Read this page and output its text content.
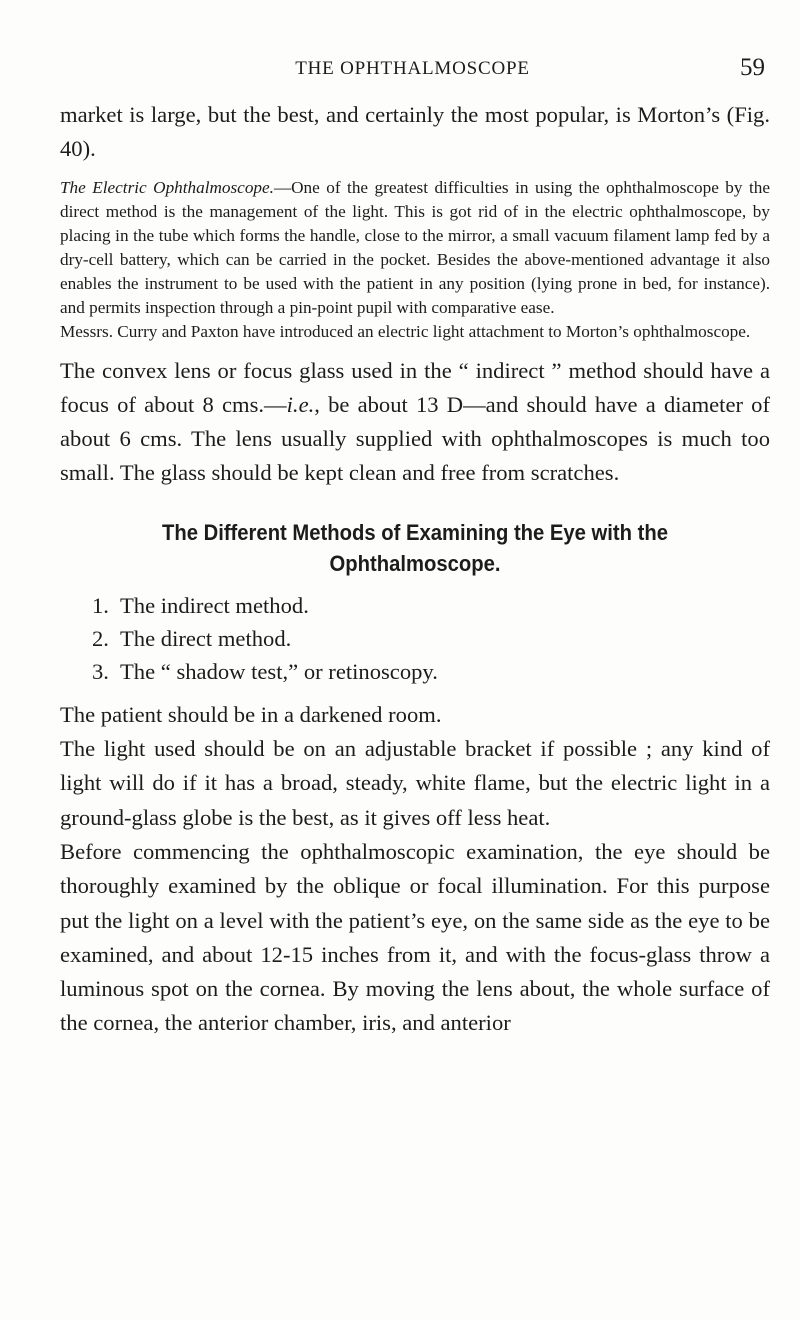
THE OPHTHALMOSCOPE	59

market is large, but the best, and certainly the most popular, is Morton’s (Fig. 40).

The Electric Ophthalmoscope.—One of the greatest difficulties in using the ophthalmoscope by the direct method is the management of the light. This is got rid of in the electric ophthalmoscope, by placing in the tube which forms the handle, close to the mirror, a small vacuum filament lamp fed by a dry-cell battery, which can be carried in the pocket. Besides the above-mentioned advantage it also enables the instrument to be used with the patient in any position (lying prone in bed, for instance). and permits inspection through a pin-point pupil with comparative ease.

Messrs. Curry and Paxton have introduced an electric light attachment to Morton’s ophthalmoscope.

The convex lens or focus glass used in the “ indirect ” method should have a focus of about 8 cms.—i.e., be about 13 D—and should have a diameter of about 6 cms. The lens usually supplied with ophthalmoscopes is much too small. The glass should be kept clean and free from scratches.

The Different Methods of Examining the Eye with the Ophthalmoscope.
1. The indirect method.
2. The direct method.
3. The “ shadow test,” or retinoscopy.

The patient should be in a darkened room.

The light used should be on an adjustable bracket if possible ; any kind of light will do if it has a broad, steady, white flame, but the electric light in a ground-glass globe is the best, as it gives off less heat.

Before commencing the ophthalmoscopic examination, the eye should be thoroughly examined by the oblique or focal illumination. For this purpose put the light on a level with the patient’s eye, on the same side as the eye to be examined, and about 12-15 inches from it, and with the focus-glass throw a luminous spot on the cornea. By moving the lens about, the whole surface of the cornea, the anterior chamber, iris, and anterior
